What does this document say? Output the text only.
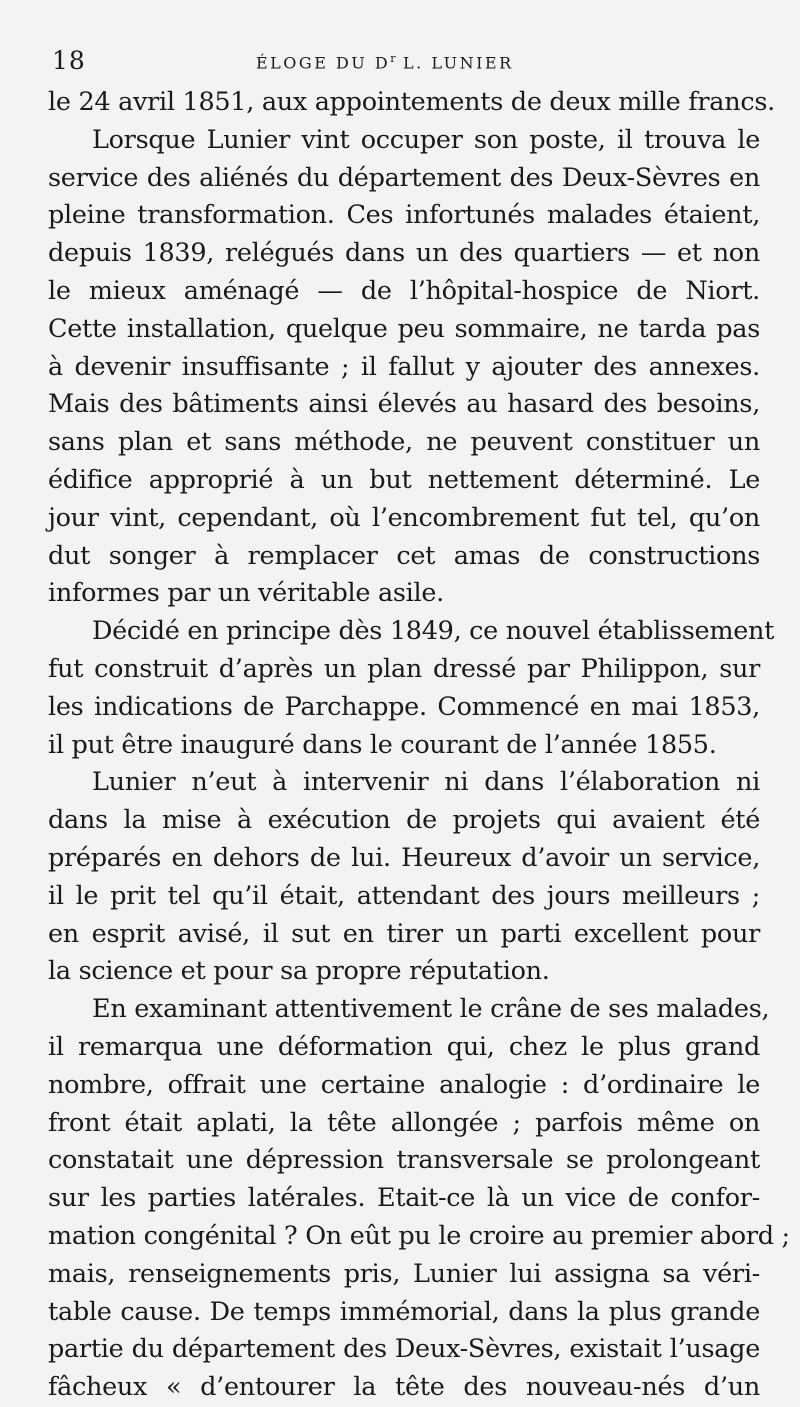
18	ÉLOGE DU $D^r$ L. LUNIER
le 24 avril 1851, aux appointements de deux mille francs.
Lorsque Lunier vint occuper son poste, il trouva le
service des aliénés du département des Deux-Sèvres en
pleine transformation. Ces infortunés malades étaient,
depuis 1839, relégués dans un des quartiers — et non
le mieux aménagé — de l’hôpital-hospice de Niort.
Cette installation, quelque peu sommaire, ne tarda pas
à devenir insuffisante ; il fallut y ajouter des annexes.
Mais des bâtiments ainsi élevés au hasard des besoins,
sans plan et sans méthode, ne peuvent constituer un
édifice approprié à un but nettement déterminé. Le
jour vint, cependant, où l’encombrement fut tel, qu’on
dut songer à remplacer cet amas de constructions
informes par un véritable asile.
Décidé en principe dès 1849, ce nouvel établissement
fut construit d’après un plan dressé par Philippon, sur
les indications de Parchappe. Commencé en mai 1853,
il put être inauguré dans le courant de l’année 1855.
Lunier n’eut à intervenir ni dans l’élaboration ni
dans la mise à exécution de projets qui avaient été
préparés en dehors de lui. Heureux d’avoir un service,
il le prit tel qu’il était, attendant des jours meilleurs ;
en esprit avisé, il sut en tirer un parti excellent pour
la science et pour sa propre réputation.
En examinant attentivement le crâne de ses malades,
il remarqua une déformation qui, chez le plus grand
nombre, offrait une certaine analogie : d’ordinaire le
front était aplati, la tête allongée ; parfois même on
constatait une dépression transversale se prolongeant
sur les parties latérales. Etait-ce là un vice de confor-
mation congénital ? On eût pu le croire au premier abord ;
mais, renseignements pris, Lunier lui assigna sa véri-
table cause. De temps immémorial, dans la plus grande
partie du département des Deux-Sèvres, existait l’usage
fâcheux « d’entourer la tête des nouveau-nés d’un
